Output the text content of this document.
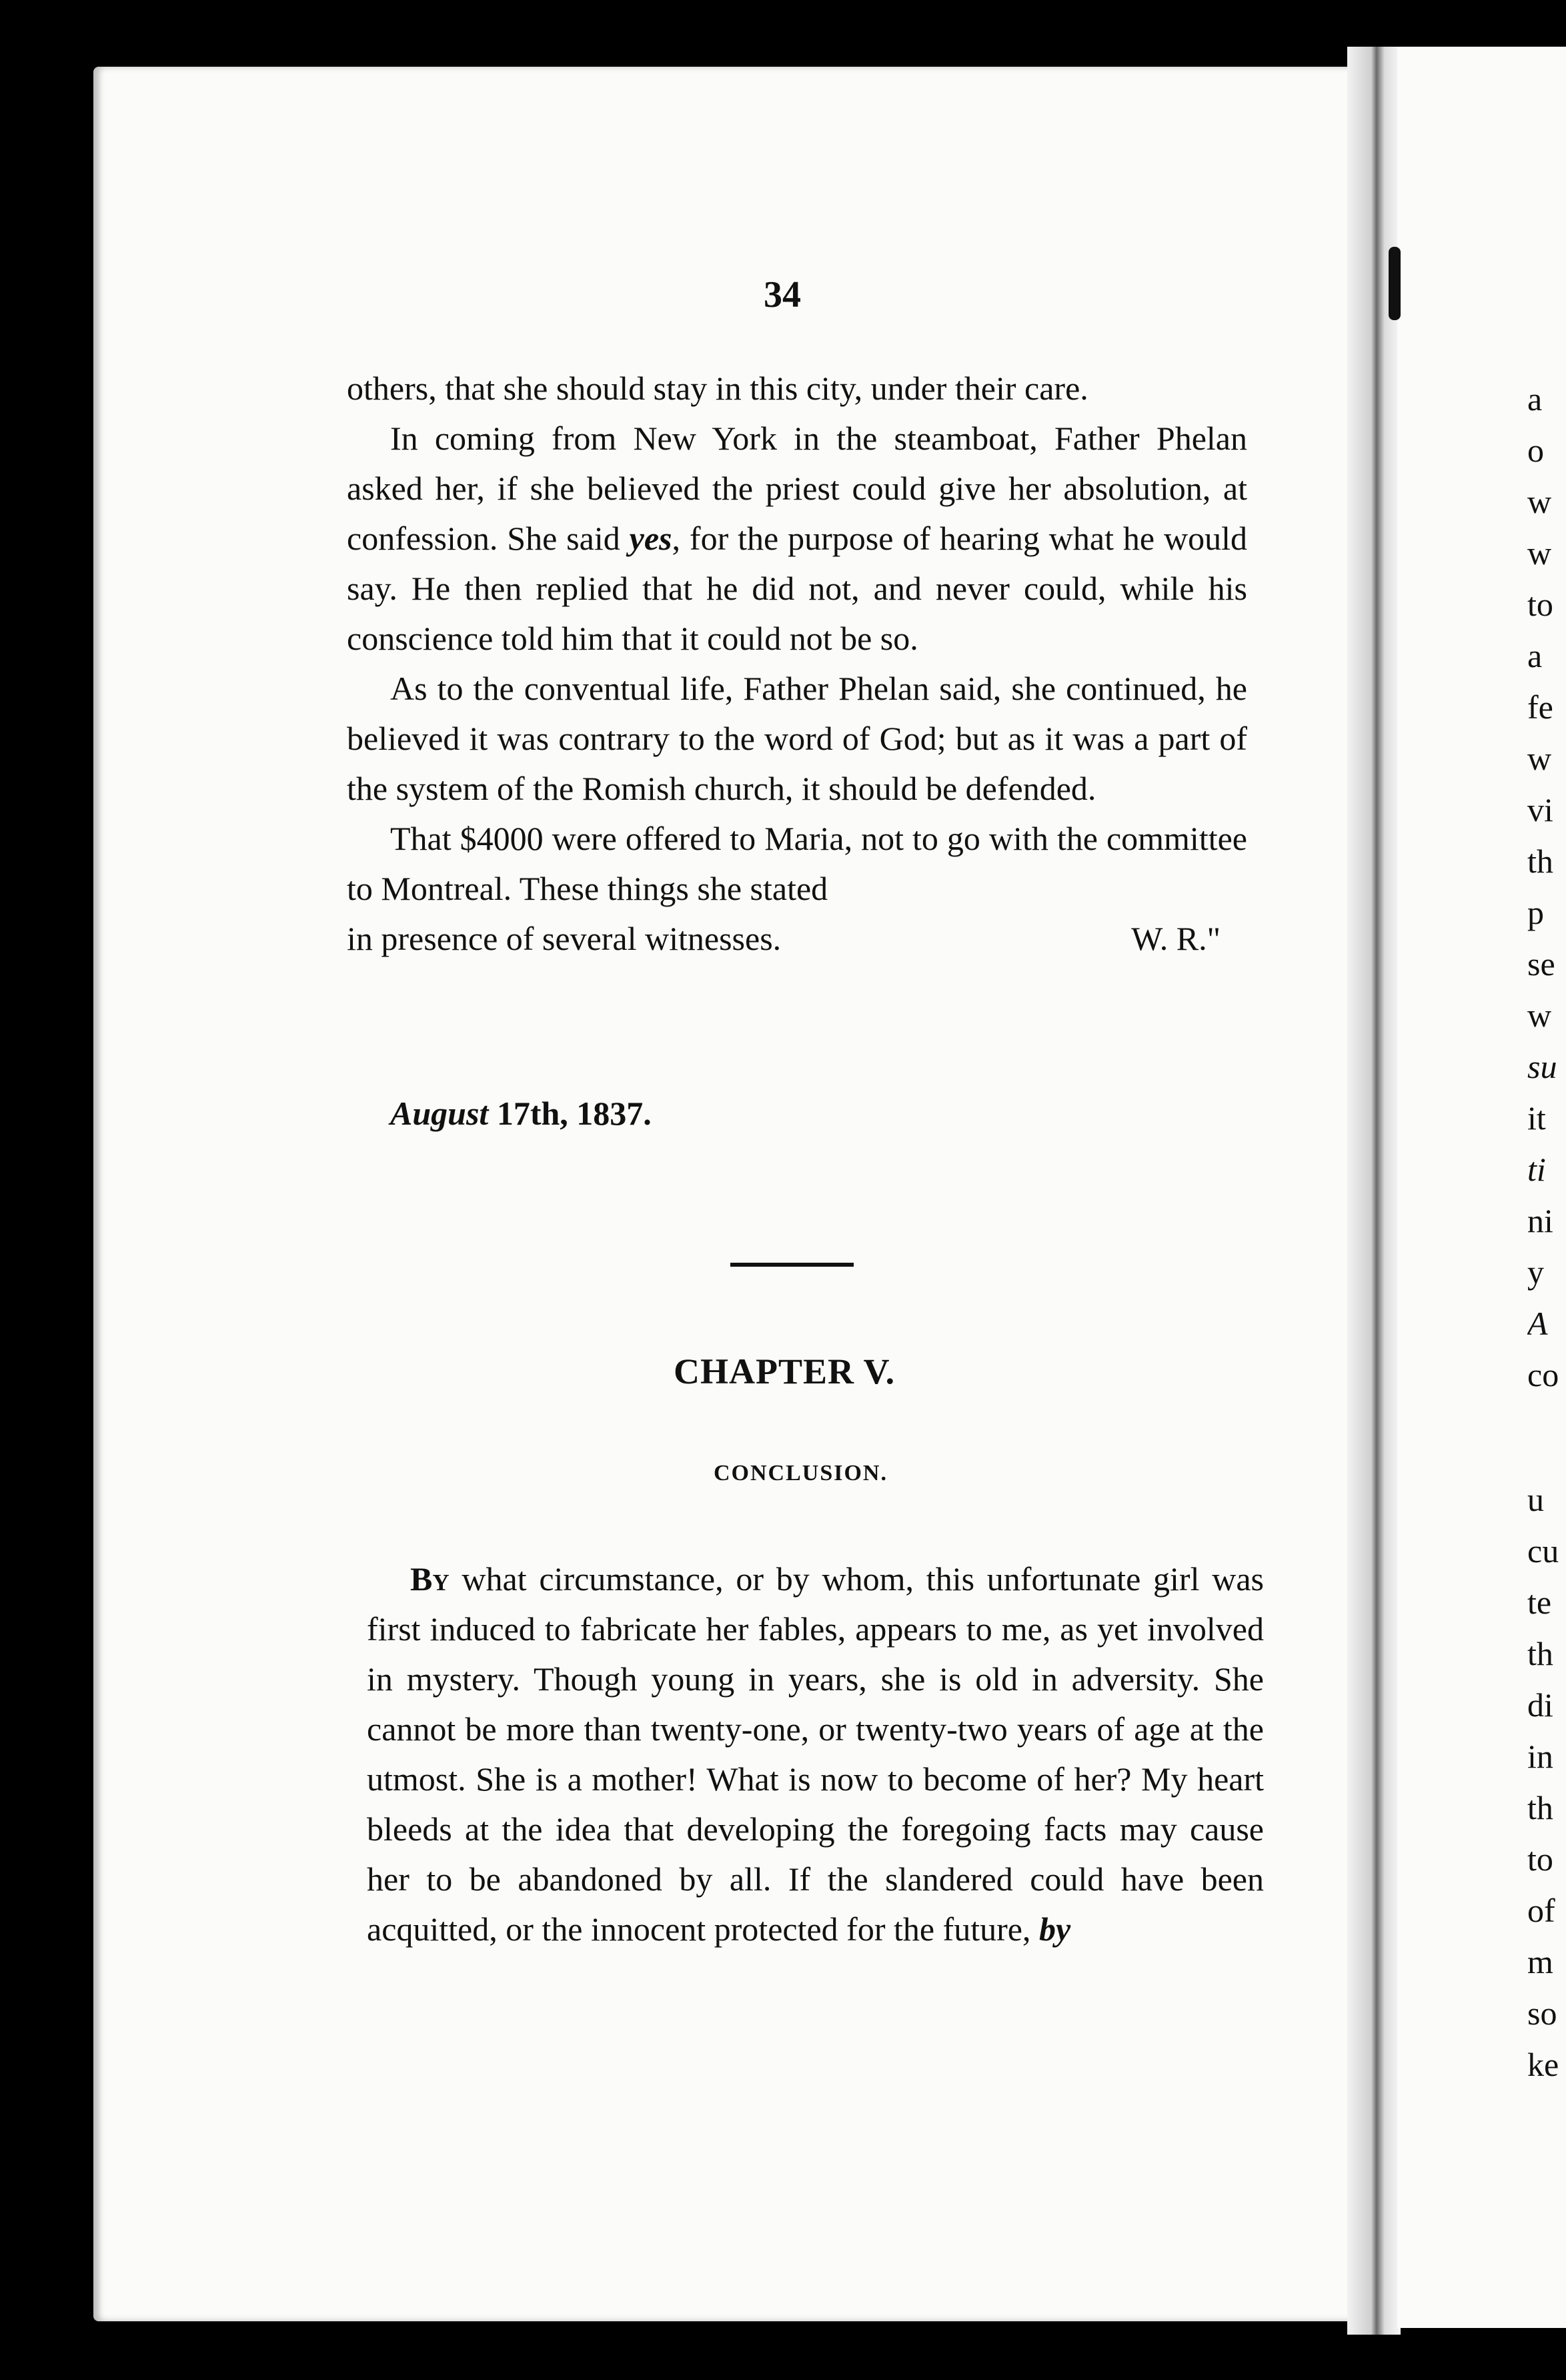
34

others, that she should stay in this city, under their care.

In coming from New York in the steamboat, Father Phelan asked her, if she believed the priest could give her absolution, at confession. She said yes, for the purpose of hearing what he would say. He then replied that he did not, and never could, while his conscience told him that it could not be so.

As to the conventual life, Father Phelan said, she continued, he believed it was contrary to the word of God; but as it was a part of the system of the Romish church, it should be defended.

That $4000 were offered to Maria, not to go with the committee to Montreal. These things she stated

in presence of several witnesses.	W. R."
August 17th, 1837.
CHAPTER V.
CONCLUSION.

By what circumstance, or by whom, this unfortunate girl was first induced to fabricate her fables, appears to me, as yet involved in mystery. Though young in years, she is old in adversity. She cannot be more than twenty-one, or twenty-two years of age at the utmost. She is a mother! What is now to become of her? My heart bleeds at the idea that developing the foregoing facts may cause her to be abandoned by all. If the slandered could have been acquitted, or the innocent protected for the future, by

a
o
w
w
to
a
fe
w
vi
th
p
se
w
su
it
ti
ni
y
A
co
u
cu
te
th
di
in
th
to
of
m
so
ke
